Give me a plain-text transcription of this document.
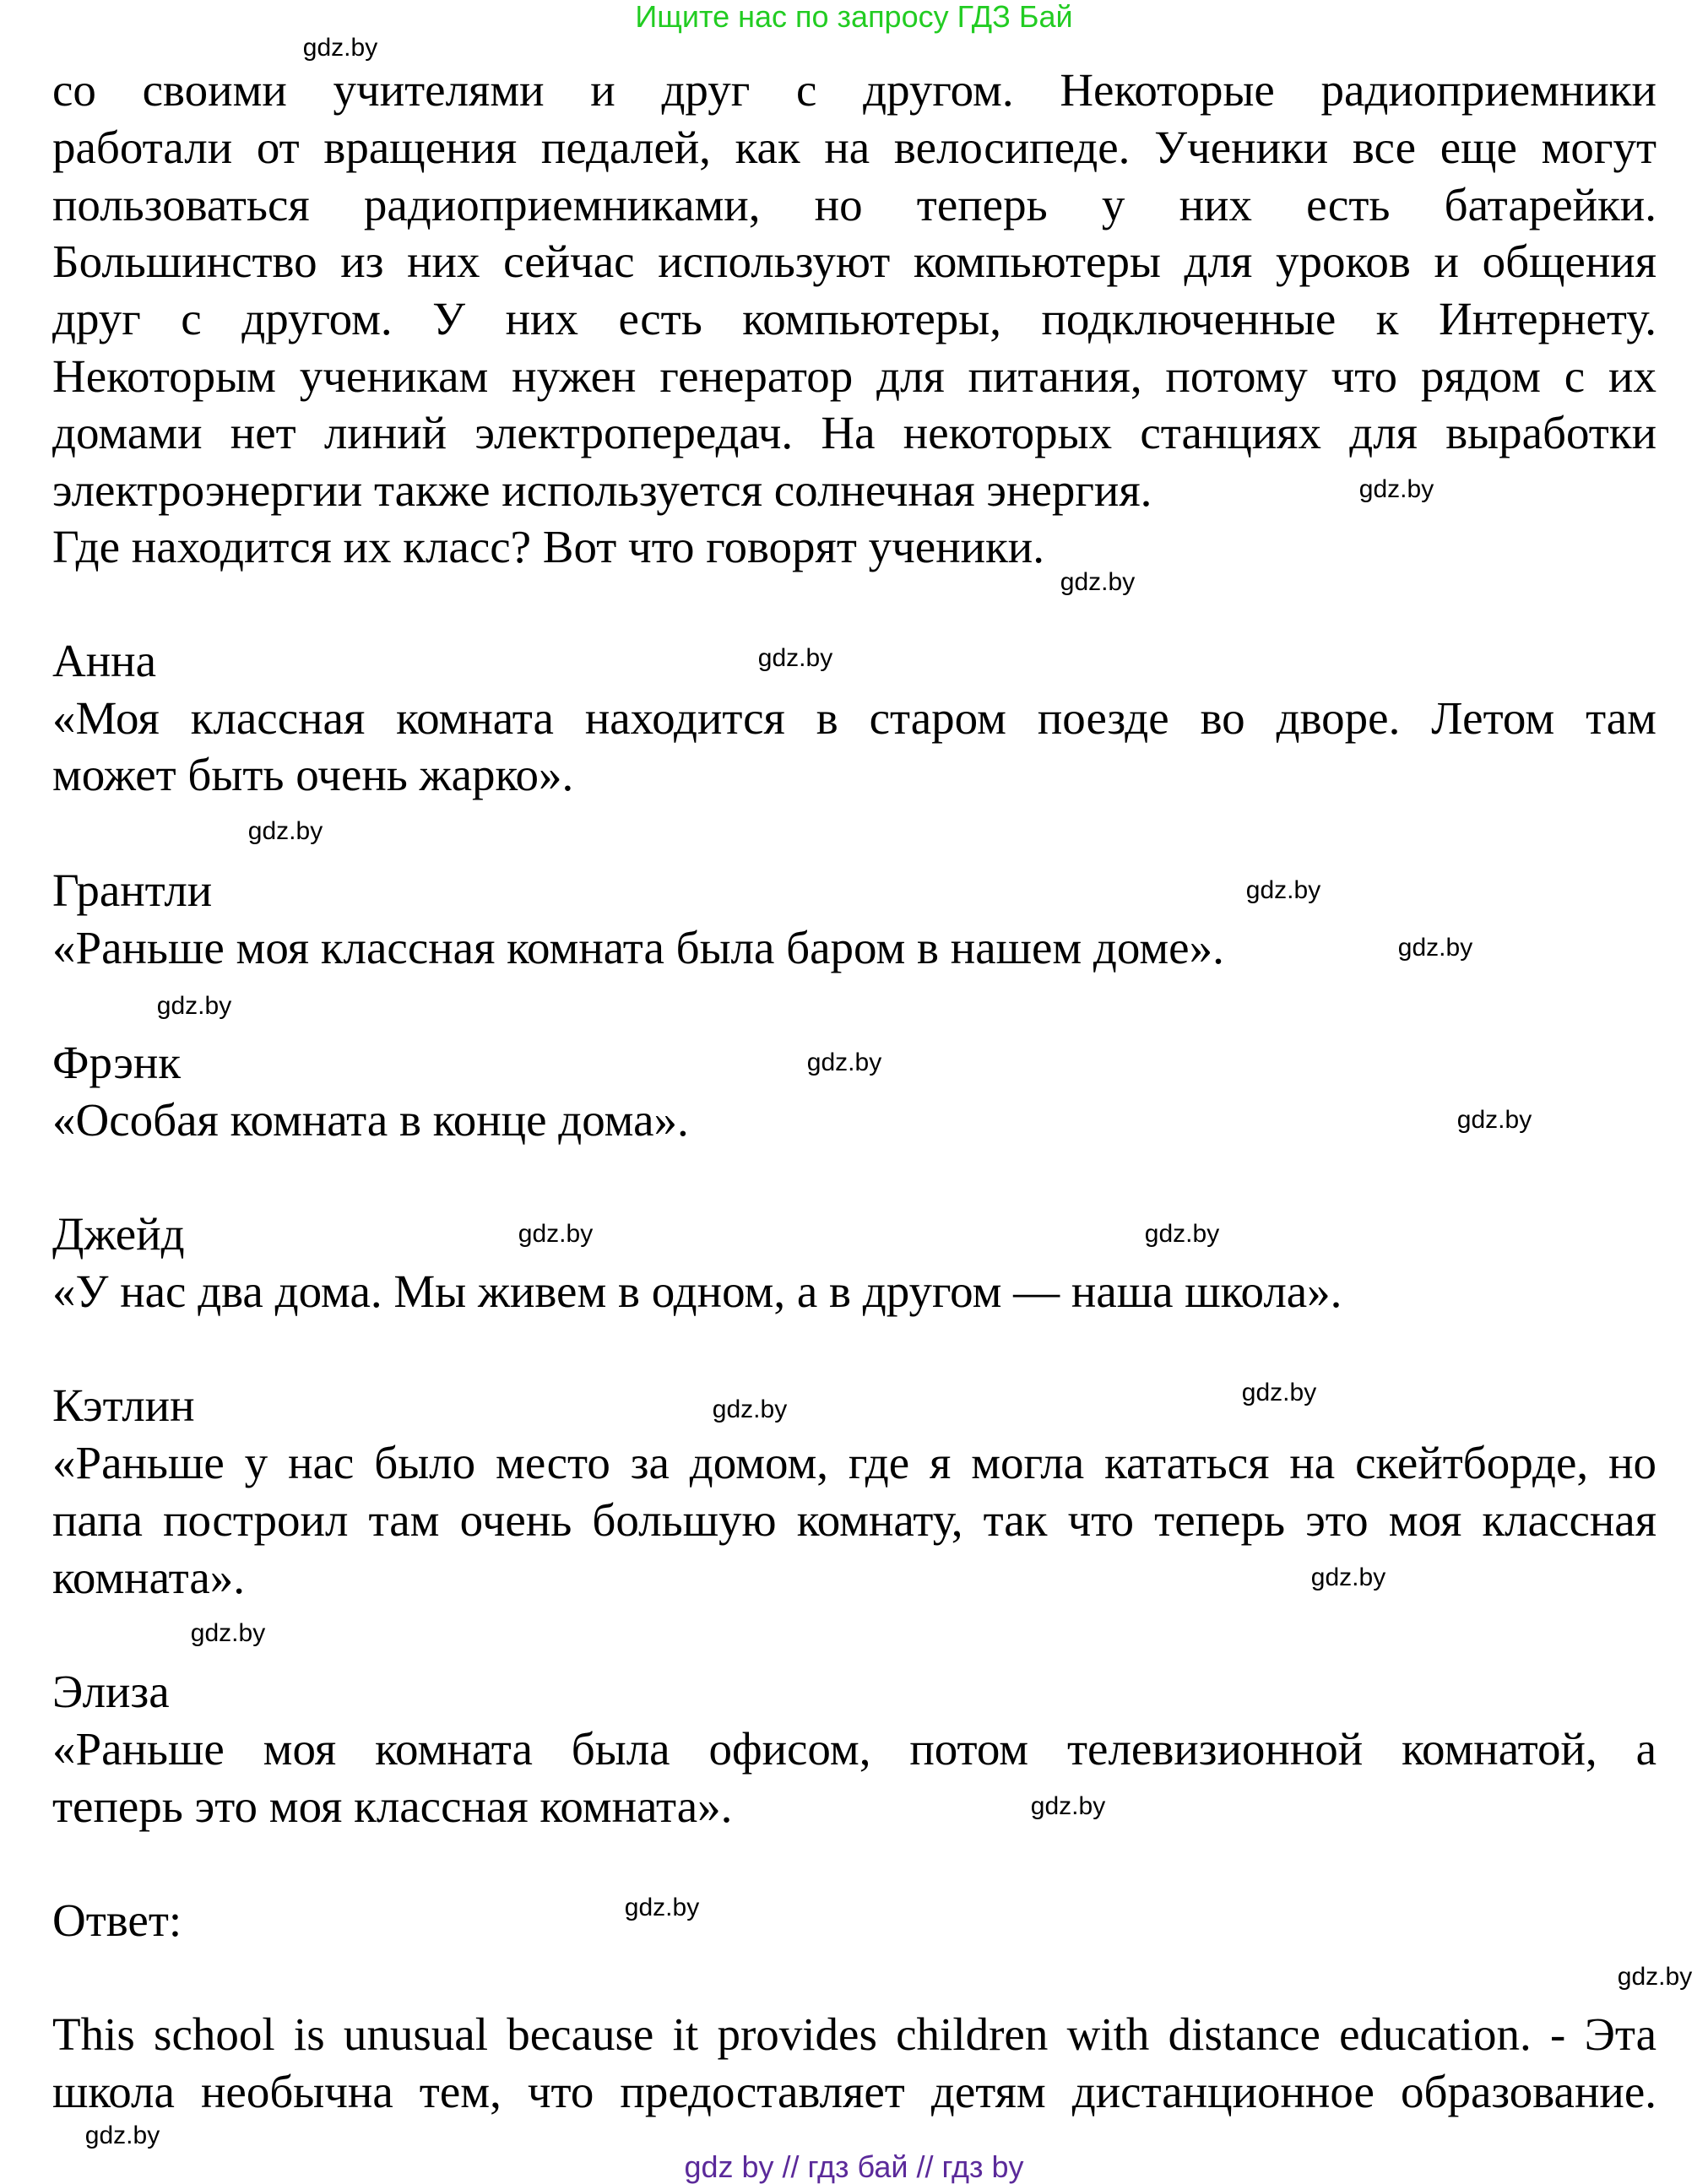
Ищите нас по запросу ГДЗ Бай
со своими учителями и друг с другом. Некоторые радиоприемники
работали от вращения педалей, как на велосипеде. Ученики все еще могут
пользоваться радиоприемниками, но теперь у них есть батарейки.
Большинство из них сейчас используют компьютеры для уроков и общения
друг с другом. У них есть компьютеры, подключенные к Интернету.
Некоторым ученикам нужен генератор для питания, потому что рядом с их
домами нет линий электропередач. На некоторых станциях для выработки
электроэнергии также используется солнечная энергия.
Где находится их класс? Вот что говорят ученики.
Анна
«Моя классная комната находится в старом поезде во дворе. Летом там
может быть очень жарко».
Грантли
«Раньше моя классная комната была баром в нашем доме».
Фрэнк
«Особая комната в конце дома».
Джейд
«У нас два дома. Мы живем в одном, а в другом — наша школа».
Кэтлин
«Раньше у нас было место за домом, где я могла кататься на скейтборде, но
папа построил там очень большую комнату, так что теперь это моя классная
комната».
Элиза
«Раньше моя комната была офисом, потом телевизионной комнатой, а
теперь это моя классная комната».
Ответ:
This school is unusual because it provides children with distance education. - Эта
школа необычна тем, что предоставляет детям дистанционное образование.
gdz.by
gdz.by
gdz.by
gdz.by
gdz.by
gdz.by
gdz.by
gdz.by
gdz.by
gdz.by
gdz.by
gdz.by
gdz.by
gdz.by
gdz.by
gdz.by
gdz.by
gdz.by
gdz.by
gdz.by
gdz by // гдз бай // гдз by
